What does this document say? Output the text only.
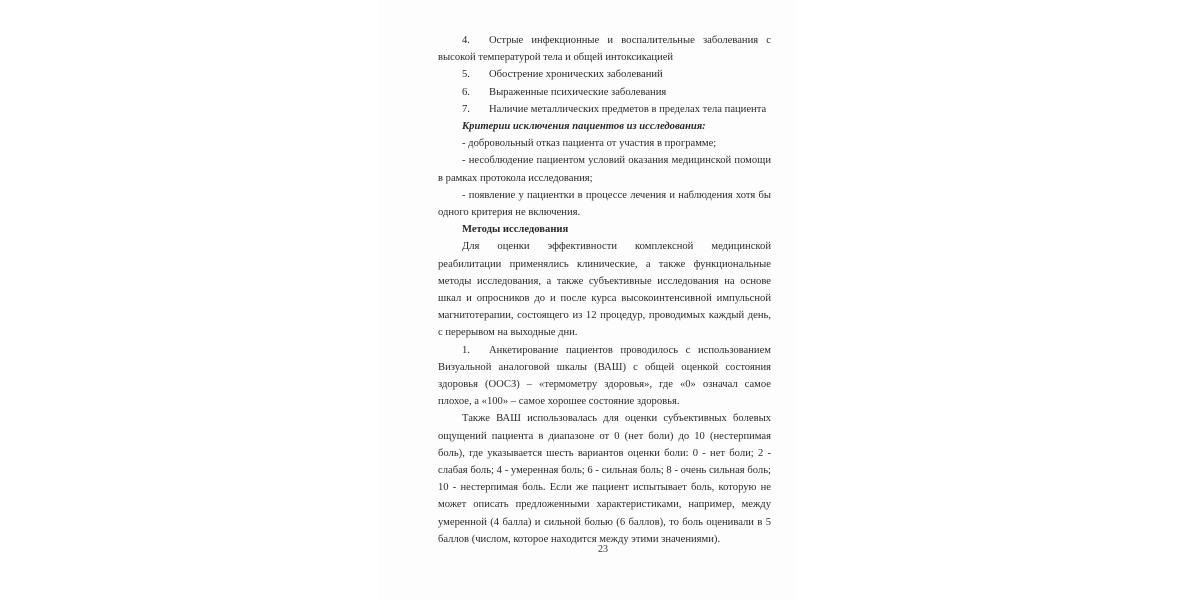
4. Острые инфекционные и воспалительные заболевания с высокой температурой тела и общей интоксикацией

5. Обострение хронических заболеваний

6. Выраженные психические заболевания

7. Наличие металлических предметов в пределах тела пациента

Критерии исключения пациентов из исследования:

- добровольный отказ пациента от участия в программе;

- несоблюдение пациентом условий оказания медицинской помощи в рамках протокола исследования;

- появление у пациентки в процессе лечения и наблюдения хотя бы одного критерия не включения.

Методы исследования

Для оценки эффективности комплексной медицинской реабилитации применялись клинические, а также функциональные методы исследования, а также субъективные исследования на основе шкал и опросников до и после курса высокоинтенсивной импульсной магнитотерапии, состоящего из 12 процедур, проводимых каждый день, с перерывом на выходные дни.

1. Анкетирование пациентов проводилось с использованием Визуальной аналоговой шкалы (ВАШ) с общей оценкой состояния здоровья (ООСЗ) – «термометру здоровья», где «0» означал самое плохое, а «100» – самое хорошее состояние здоровья.

Также ВАШ использовалась для оценки субъективных болевых ощущений пациента в диапазоне от 0 (нет боли) до 10 (нестерпимая боль), где указывается шесть вариантов оценки боли: 0 - нет боли; 2 - слабая боль; 4 - умеренная боль; 6 - сильная боль; 8 - очень сильная боль; 10 - нестерпимая боль. Если же пациент испытывает боль, которую не может описать предложенными характеристиками, например, между умеренной (4 балла) и сильной болью (6 баллов), то боль оценивали в 5 баллов (числом, которое находится между этими значениями).

23
